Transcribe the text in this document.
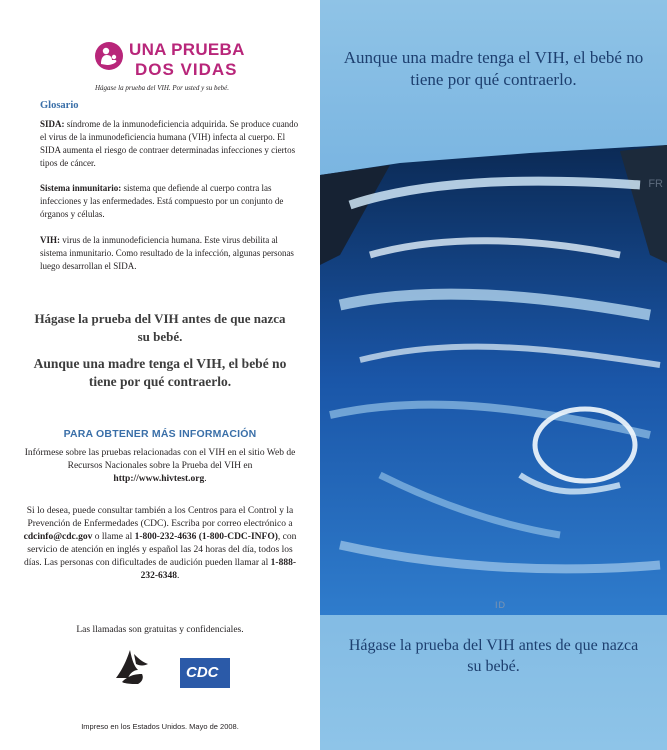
UNA PRUEBA
DOS VIDAS
Hágase la prueba del VIH. Por usted y su bebé.
Glosario
SIDA: síndrome de la inmunodeficiencia adquirida. Se produce cuando el virus de la inmunodeficiencia humana (VIH) infecta al cuerpo. El SIDA aumenta el riesgo de contraer determinadas infecciones y ciertos tipos de cáncer.
Sistema inmunitario: sistema que defiende al cuerpo contra las infecciones y las enfermedades. Está compuesto por un conjunto de órganos y células.
VIH: virus de la inmunodeficiencia humana. Este virus debilita al sistema inmunitario. Como resultado de la infección, algunas personas luego desarrollan el SIDA.
Hágase la prueba del VIH antes de que nazca su bebé.
Aunque una madre tenga el VIH, el bebé no tiene por qué contraerlo.
PARA OBTENER MÁS INFORMACIÓN
Infórmese sobre las pruebas relacionadas con el VIH en el sitio Web de Recursos Nacionales sobre la Prueba del VIH en http://www.hivtest.org.
Si lo desea, puede consultar también a los Centros para el Control y la Prevención de Enfermedades (CDC). Escriba por correo electrónico a cdcinfo@cdc.gov o llame al 1-800-232-4636 (1-800-CDC-INFO), con servicio de atención en inglés y español las 24 horas del día, todos los días. Las personas con dificultades de audición pueden llamar al 1-888-232-6348.
Las llamadas son gratuitas y confidenciales.
CDC
Impreso en los Estados Unidos. Mayo de 2008.
Aunque una madre tenga el VIH, el bebé no tiene por qué contraerlo.
FR
ID
Hágase la prueba del VIH antes de que nazca su bebé.
